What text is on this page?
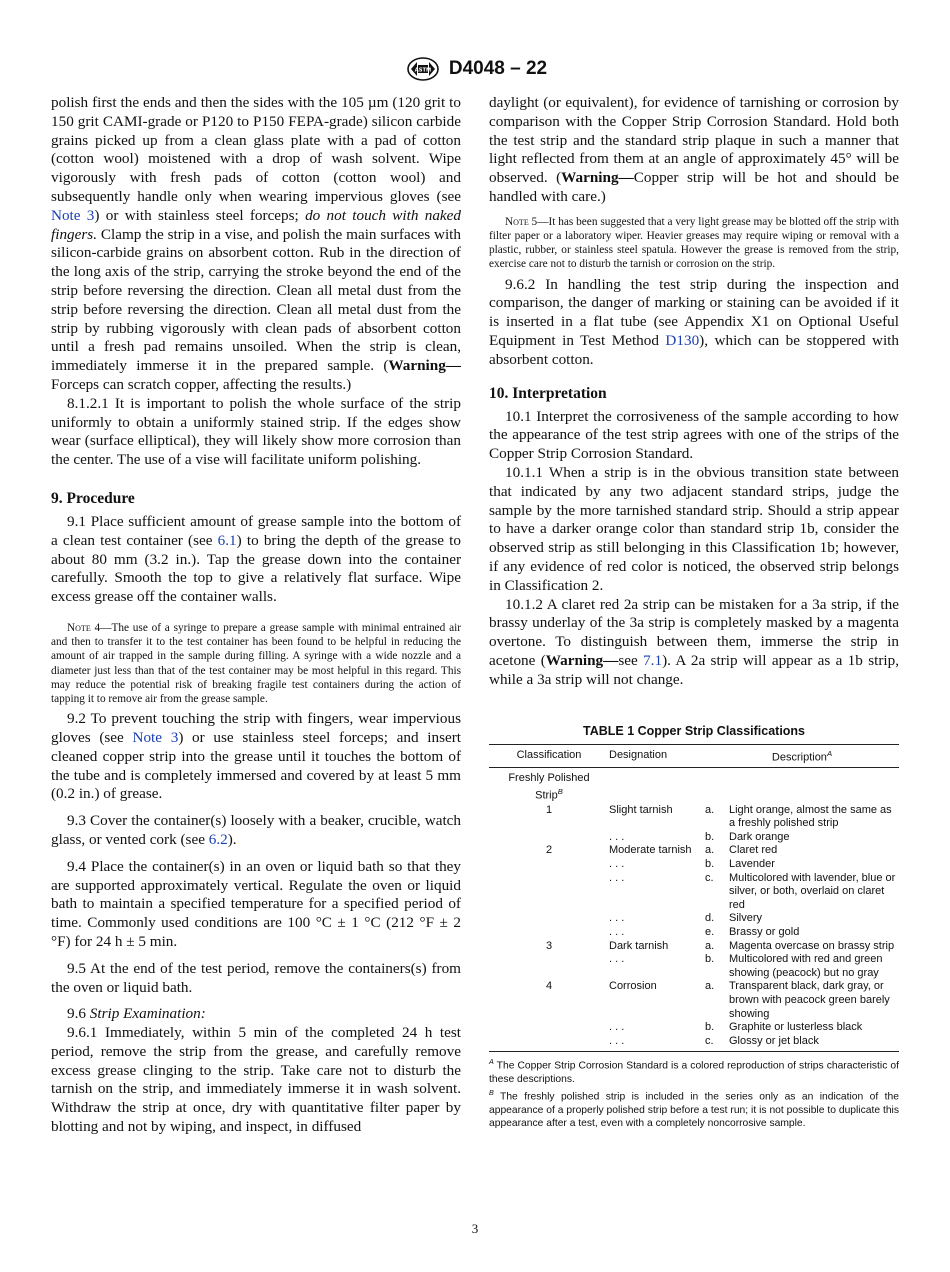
ASTM D4048 – 22

polish first the ends and then the sides with the 105 µm (120 grit to 150 grit CAMI-grade or P120 to P150 FEPA-grade) silicon carbide grains picked up from a clean glass plate with a pad of cotton (cotton wool) moistened with a drop of wash solvent. Wipe vigorously with fresh pads of cotton (cotton wool) and subsequently handle only when wearing impervious gloves (see Note 3) or with stainless steel forceps; do not touch with naked fingers. Clamp the strip in a vise, and polish the main surfaces with silicon-carbide grains on absorbent cotton. Rub in the direction of the long axis of the strip, carrying the stroke beyond the end of the strip before reversing the direction. Clean all metal dust from the strip before reversing the direction. Clean all metal dust from the strip by rubbing vigorously with clean pads of absorbent cotton until a fresh pad remains unsoiled. When the strip is clean, immediately immerse it in the prepared sample. (Warning—Forceps can scratch copper, affecting the results.)

8.1.2.1 It is important to polish the whole surface of the strip uniformly to obtain a uniformly stained strip. If the edges show wear (surface elliptical), they will likely show more corrosion than the center. The use of a vise will facilitate uniform polishing.

9. Procedure

9.1 Place sufficient amount of grease sample into the bottom of a clean test container (see 6.1) to bring the depth of the grease to about 80 mm (3.2 in.). Tap the grease down into the container carefully. Smooth the top to give a relatively flat surface. Wipe excess grease off the container walls.

Note 4—The use of a syringe to prepare a grease sample with minimal entrained air and then to transfer it to the test container has been found to be helpful in reducing the amount of air trapped in the sample during filling. A syringe with a wide nozzle and a diameter just less than that of the test container may be most helpful in this regard. This may reduce the potential risk of breaking fragile test containers during the action of tapping it to remove air from the grease sample.

9.2 To prevent touching the strip with fingers, wear impervious gloves (see Note 3) or use stainless steel forceps; and insert cleaned copper strip into the grease until it touches the bottom of the tube and is completely immersed and covered by at least 5 mm (0.2 in.) of grease.

9.3 Cover the container(s) loosely with a beaker, crucible, watch glass, or vented cork (see 6.2).

9.4 Place the container(s) in an oven or liquid bath so that they are supported approximately vertical. Regulate the oven or liquid bath to maintain a specified temperature for a specified period of time. Commonly used conditions are 100 °C ± 1 °C (212 °F ± 2 °F) for 24 h ± 5 min.

9.5 At the end of the test period, remove the containers(s) from the oven or liquid bath.

9.6 Strip Examination:

9.6.1 Immediately, within 5 min of the completed 24 h test period, remove the strip from the grease, and carefully remove excess grease clinging to the strip. Take care not to disturb the tarnish on the strip, and immediately immerse it in wash solvent. Withdraw the strip at once, dry with quantitative filter paper by blotting and not by wiping, and inspect, in diffused

daylight (or equivalent), for evidence of tarnishing or corrosion by comparison with the Copper Strip Corrosion Standard. Hold both the test strip and the standard strip plaque in such a manner that light reflected from them at an angle of approximately 45° will be observed. (Warning—Copper strip will be hot and should be handled with care.)

Note 5—It has been suggested that a very light grease may be blotted off the strip with filter paper or a laboratory wiper. Heavier greases may require wiping or removal with a plastic, rubber, or stainless steel spatula. However the grease is removed from the strip, exercise care not to disturb the tarnish or corrosion on the strip.

9.6.2 In handling the test strip during the inspection and comparison, the danger of marking or staining can be avoided if it is inserted in a flat tube (see Appendix X1 on Optional Useful Equipment in Test Method D130), which can be stoppered with absorbent cotton.

10. Interpretation

10.1 Interpret the corrosiveness of the sample according to how the appearance of the test strip agrees with one of the strips of the Copper Strip Corrosion Standard.

10.1.1 When a strip is in the obvious transition state between that indicated by any two adjacent standard strips, judge the sample by the more tarnished standard strip. Should a strip appear to have a darker orange color than standard strip 1b, consider the observed strip as still belonging in this Classification 1b; however, if any evidence of red color is noticed, the observed strip belongs in Classification 2.

10.1.2 A claret red 2a strip can be mistaken for a 3a strip, if the brassy underlay of the 3a strip is completely masked by a magenta overtone. To distinguish between them, immerse the strip in acetone (Warning—see 7.1). A 2a strip will appear as a 1b strip, while a 3a strip will not change.

TABLE 1 Copper Strip Classifications
Classification	Designation	Description$^A$
Freshly Polished
Strip$^B$			
1	Slight tarnish	a.	Light orange, almost the same as a freshly polished strip
	. . .	b.	Dark orange
2	Moderate tarnish	a.	Claret red
	. . .	b.	Lavender
	. . .	c.	Multicolored with lavender, blue or silver, or both, overlaid on claret red
	. . .	d.	Silvery
	. . .	e.	Brassy or gold
3	Dark tarnish	a.	Magenta overcase on brassy strip
	. . .	b.	Multicolored with red and green showing (peacock) but no gray
4	Corrosion	a.	Transparent black, dark gray, or brown with peacock green barely showing
	. . .	b.	Graphite or lusterless black
	. . .	c.	Glossy or jet black

$^A$ The Copper Strip Corrosion Standard is a colored reproduction of strips characteristic of these descriptions.

$^B$ The freshly polished strip is included in the series only as an indication of the appearance of a properly polished strip before a test run; it is not possible to duplicate this appearance after a test, even with a completely noncorrosive sample.

3
